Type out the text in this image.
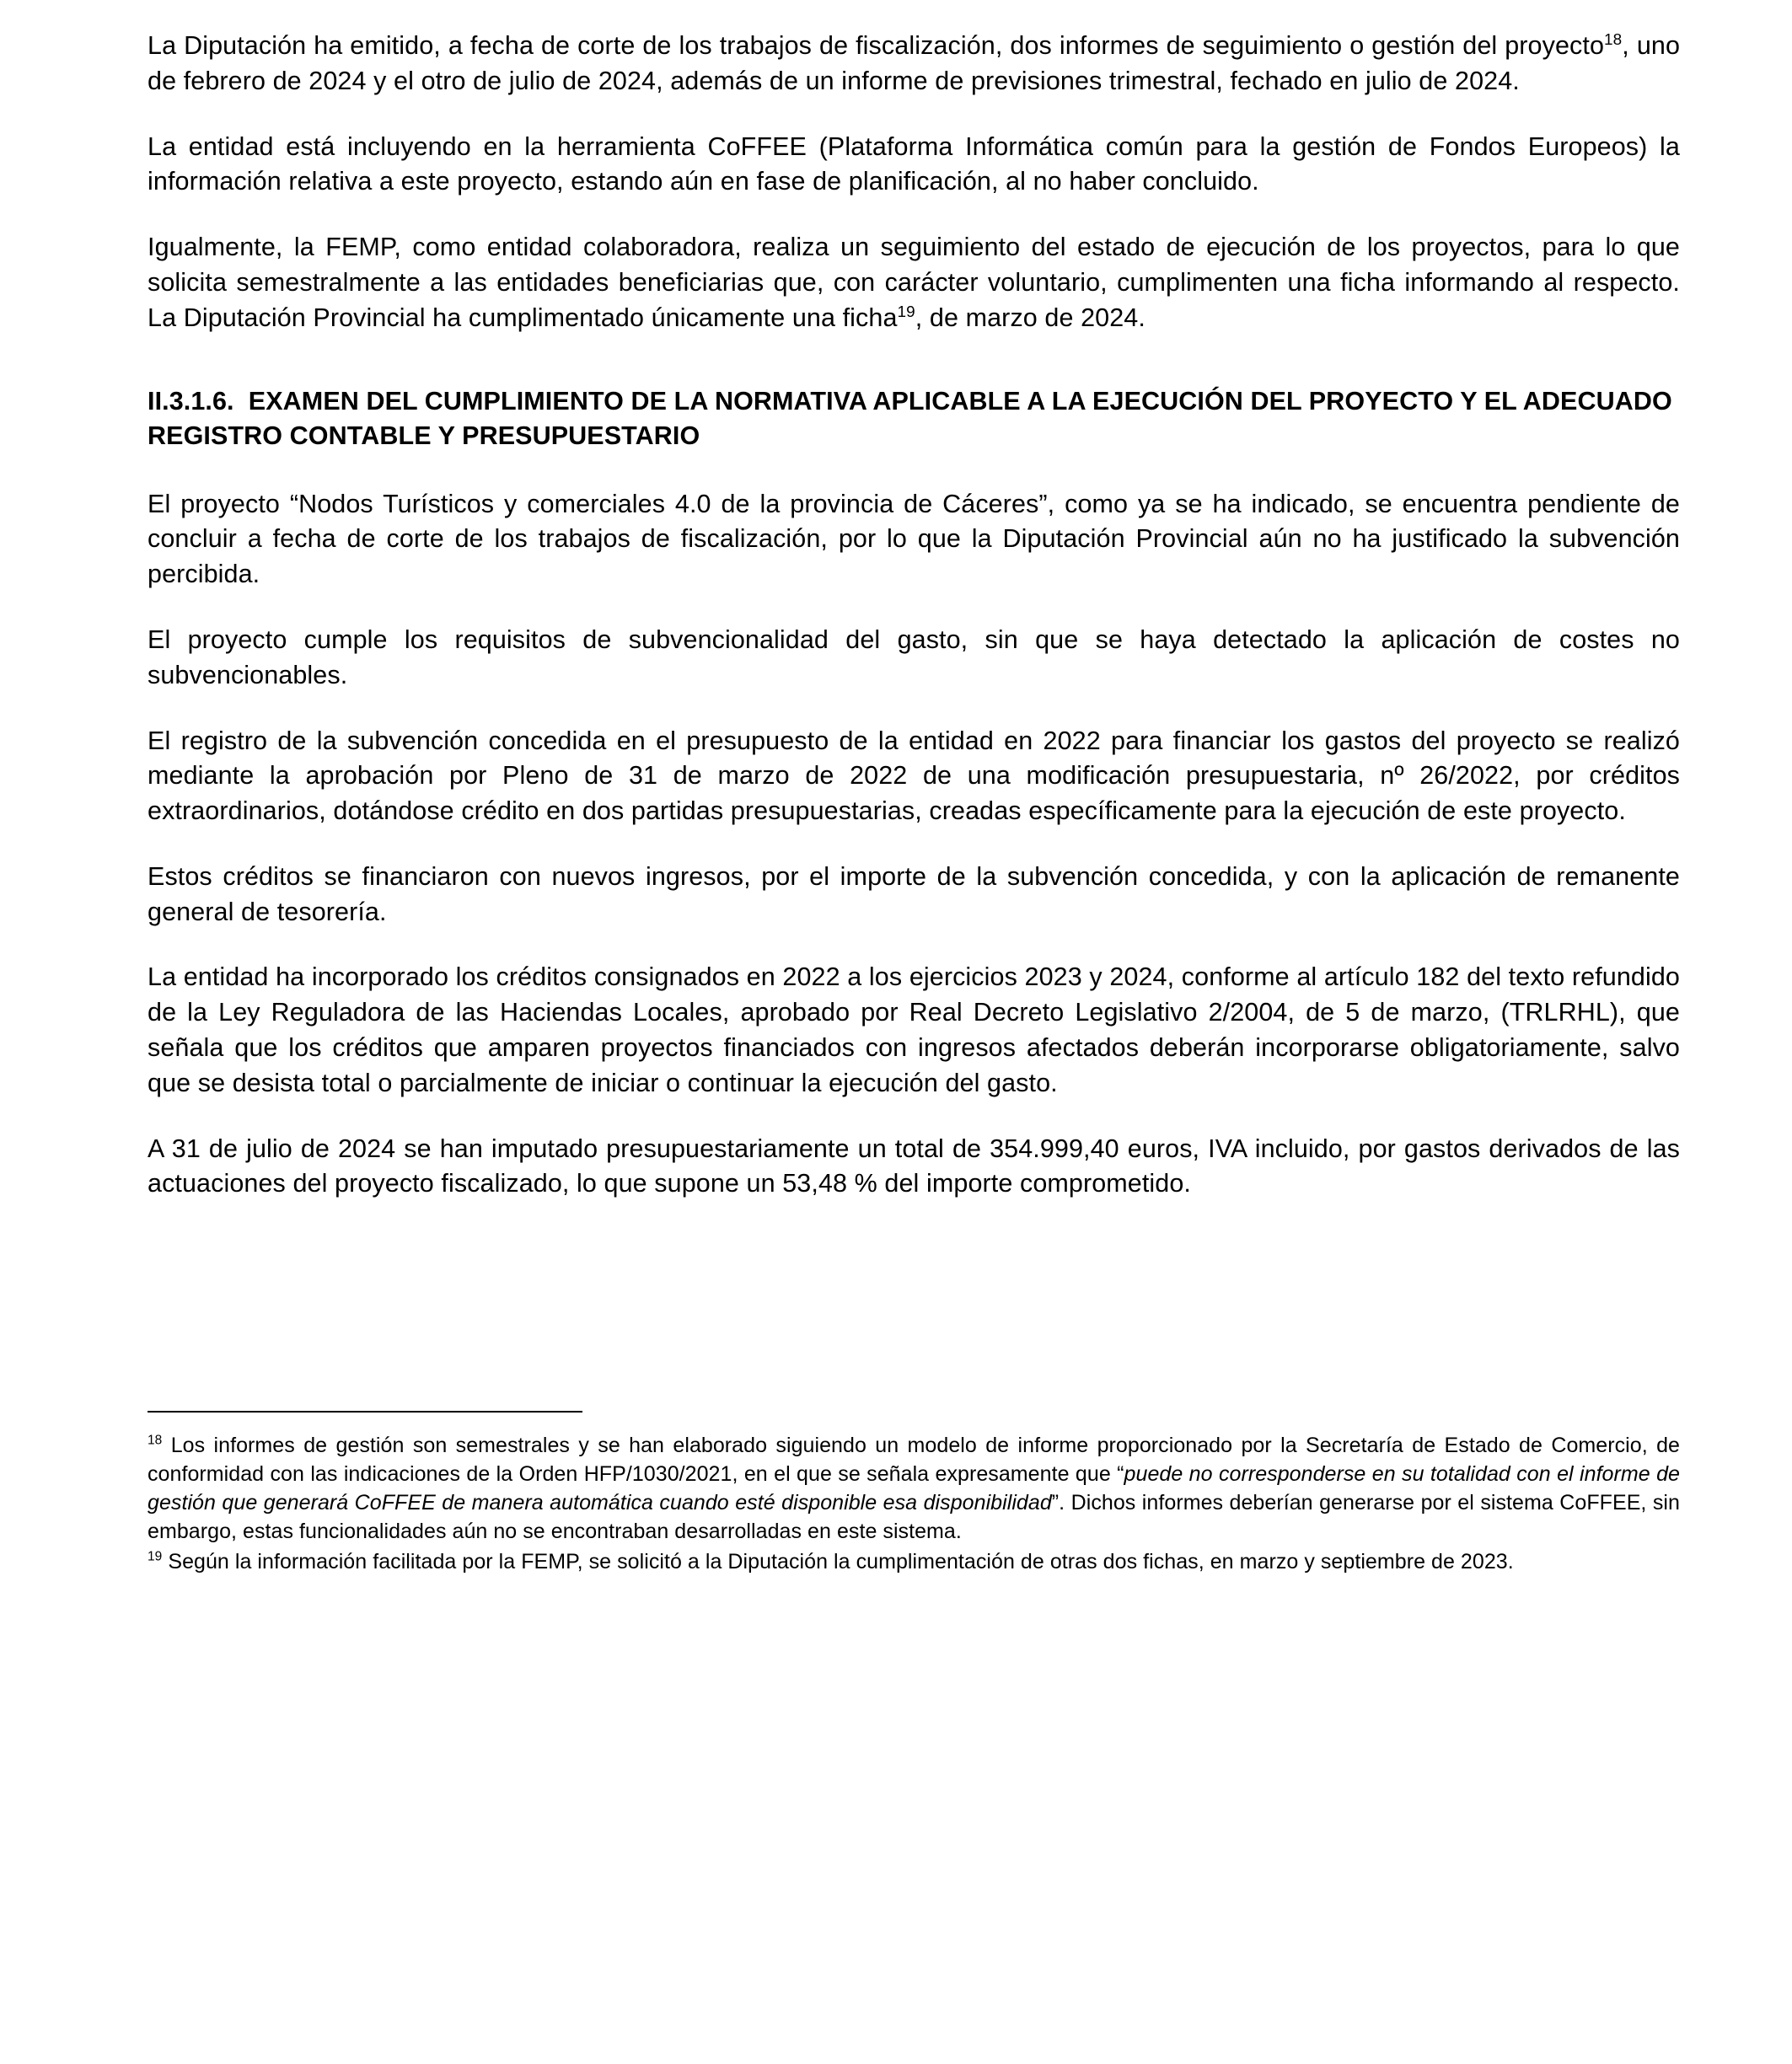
La Diputación ha emitido, a fecha de corte de los trabajos de fiscalización, dos informes de seguimiento o gestión del proyecto$^{18}$, uno de febrero de 2024 y el otro de julio de 2024, además de un informe de previsiones trimestral, fechado en julio de 2024.

La entidad está incluyendo en la herramienta CoFFEE (Plataforma Informática común para la gestión de Fondos Europeos) la información relativa a este proyecto, estando aún en fase de planificación, al no haber concluido.

Igualmente, la FEMP, como entidad colaboradora, realiza un seguimiento del estado de ejecución de los proyectos, para lo que solicita semestralmente a las entidades beneficiarias que, con carácter voluntario, cumplimenten una ficha informando al respecto. La Diputación Provincial ha cumplimentado únicamente una ficha$^{19}$, de marzo de 2024.

II.3.1.6. EXAMEN DEL CUMPLIMIENTO DE LA NORMATIVA APLICABLE A LA EJECUCIÓN DEL PROYECTO Y EL ADECUADO REGISTRO CONTABLE Y PRESUPUESTARIO

El proyecto “Nodos Turísticos y comerciales 4.0 de la provincia de Cáceres”, como ya se ha indicado, se encuentra pendiente de concluir a fecha de corte de los trabajos de fiscalización, por lo que la Diputación Provincial aún no ha justificado la subvención percibida.

El proyecto cumple los requisitos de subvencionalidad del gasto, sin que se haya detectado la aplicación de costes no subvencionables.

El registro de la subvención concedida en el presupuesto de la entidad en 2022 para financiar los gastos del proyecto se realizó mediante la aprobación por Pleno de 31 de marzo de 2022 de una modificación presupuestaria, nº 26/2022, por créditos extraordinarios, dotándose crédito en dos partidas presupuestarias, creadas específicamente para la ejecución de este proyecto.

Estos créditos se financiaron con nuevos ingresos, por el importe de la subvención concedida, y con la aplicación de remanente general de tesorería.

La entidad ha incorporado los créditos consignados en 2022 a los ejercicios 2023 y 2024, conforme al artículo 182 del texto refundido de la Ley Reguladora de las Haciendas Locales, aprobado por Real Decreto Legislativo 2/2004, de 5 de marzo, (TRLRHL), que señala que los créditos que amparen proyectos financiados con ingresos afectados deberán incorporarse obligatoriamente, salvo que se desista total o parcialmente de iniciar o continuar la ejecución del gasto.

A 31 de julio de 2024 se han imputado presupuestariamente un total de 354.999,40 euros, IVA incluido, por gastos derivados de las actuaciones del proyecto fiscalizado, lo que supone un 53,48 % del importe comprometido.

$^{18}$ Los informes de gestión son semestrales y se han elaborado siguiendo un modelo de informe proporcionado por la Secretaría de Estado de Comercio, de conformidad con las indicaciones de la Orden HFP/1030/2021, en el que se señala expresamente que “puede no corresponderse en su totalidad con el informe de gestión que generará CoFFEE de manera automática cuando esté disponible esa disponibilidad”. Dichos informes deberían generarse por el sistema CoFFEE, sin embargo, estas funcionalidades aún no se encontraban desarrolladas en este sistema.

$^{19}$ Según la información facilitada por la FEMP, se solicitó a la Diputación la cumplimentación de otras dos fichas, en marzo y septiembre de 2023.
